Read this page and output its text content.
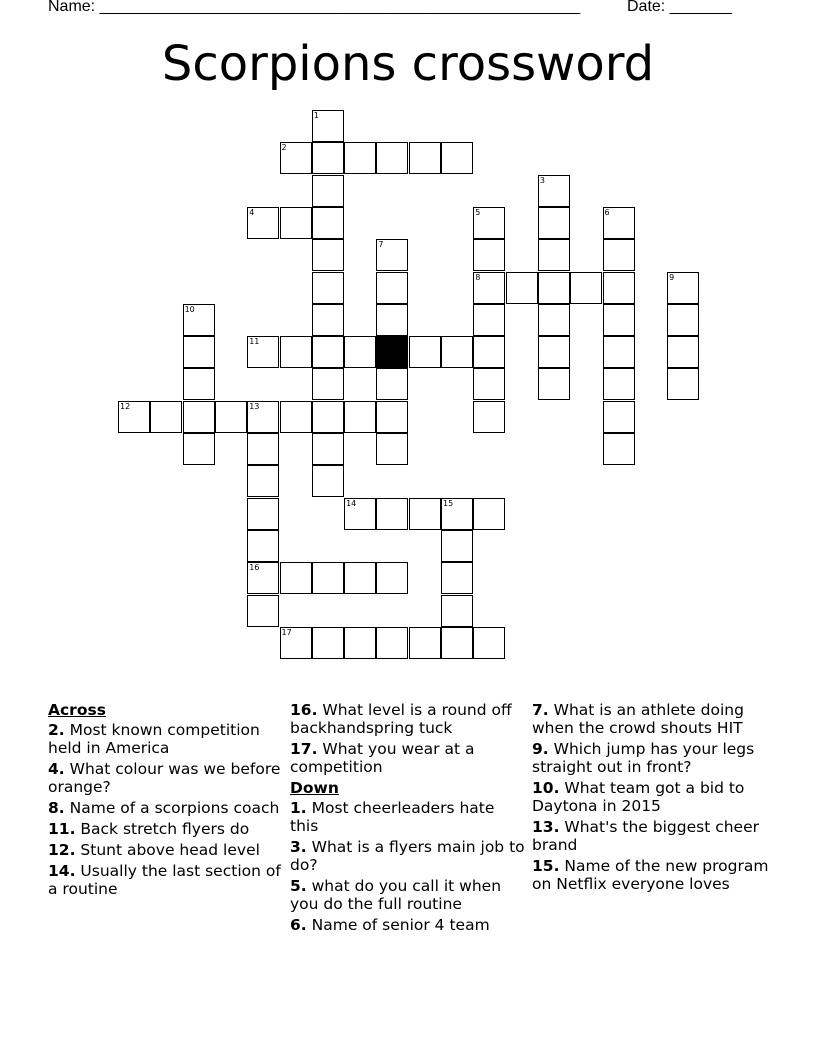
Name: ______________________________________________________	Date: _______
Scorpions crossword
1
2
3
4	5
8
6
7
9
10
11
12	13
16
14	15
17
Across
2. Most known competition held in America
4. What colour was we before orange?
8. Name of a scorpions coach
11. Back stretch flyers do
12. Stunt above head level
14. Usually the last section of a routine
16. What level is a round off backhandspring tuck
17. What you wear at a competition
Down
1. Most cheerleaders hate this
3. What is a flyers main job to do?
5. what do you call it when you do the full routine
6. Name of senior 4 team
7. What is an athlete doing when the crowd shouts HIT
9. Which jump has your legs straight out in front?
10. What team got a bid to Daytona in 2015
13. What's the biggest cheer brand
15. Name of the new program on Netflix everyone loves
